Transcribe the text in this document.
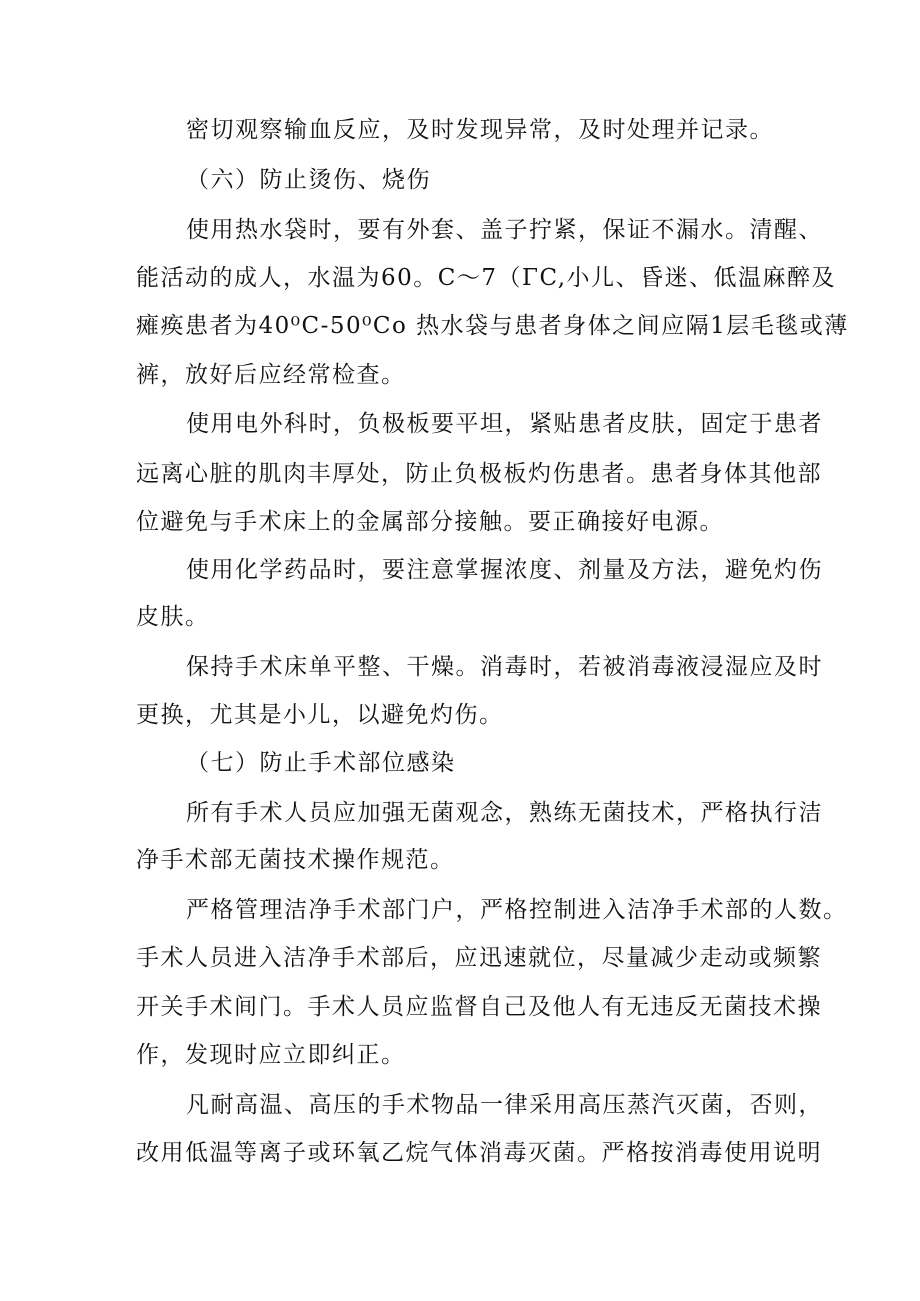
密切观察输血反应，及时发现异常，及时处理并记录。
（六）防止烫伤、烧伤
使用热水袋时，要有外套、盖子拧紧，保证不漏水。清醒、
能活动的成人，水温为60。C～7（ΓC,小儿、昏迷、低温麻醉及
瘫痪患者为40⁰C-50⁰Co 热水袋与患者身体之间应隔1层毛毯或薄
裤，放好后应经常检查。
使用电外科时，负极板要平坦，紧贴患者皮肤，固定于患者
远离心脏的肌肉丰厚处，防止负极板灼伤患者。患者身体其他部
位避免与手术床上的金属部分接触。要正确接好电源。
使用化学药品时，要注意掌握浓度、剂量及方法，避免灼伤
皮肤。
保持手术床单平整、干燥。消毒时，若被消毒液浸湿应及时
更换，尤其是小儿，以避免灼伤。
（七）防止手术部位感染
所有手术人员应加强无菌观念，熟练无菌技术，严格执行洁
净手术部无菌技术操作规范。
严格管理洁净手术部门户，严格控制进入洁净手术部的人数。
手术人员进入洁净手术部后，应迅速就位，尽量减少走动或频繁
开关手术间门。手术人员应监督自己及他人有无违反无菌技术操
作，发现时应立即纠正。
凡耐高温、高压的手术物品一律采用高压蒸汽灭菌，否则，
改用低温等离子或环氧乙烷气体消毒灭菌。严格按消毒使用说明
